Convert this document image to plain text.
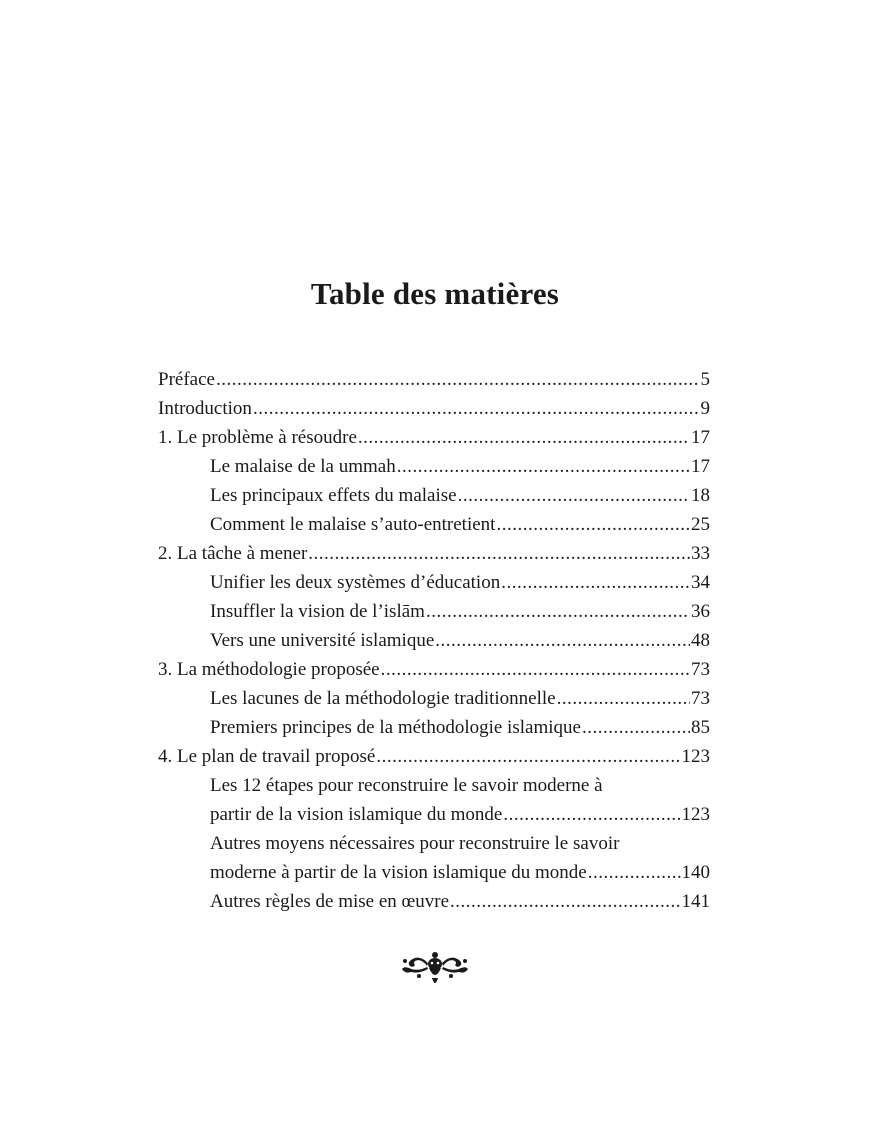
Table des matières
Préface .....	5
Introduction .....	9
1. Le problème à résoudre .....	17
Le malaise de la ummah .....	17
Les principaux effets du malaise .....	18
Comment le malaise s’auto-entretient .....	25
2. La tâche à mener .....	33
Unifier les deux systèmes d’éducation .....	34
Insuffler la vision de l’islām .....	36
Vers une université islamique .....	48
3. La méthodologie proposée .....	73
Les lacunes de la méthodologie traditionnelle .....	73
Premiers principes de la méthodologie islamique .....	85
4. Le plan de travail proposé .....	123
Les 12 étapes pour reconstruire le savoir moderne à
partir de la vision islamique du monde .....	123
Autres moyens nécessaires pour reconstruire le savoir
moderne à partir de la vision islamique du monde .....	140
Autres règles de mise en œuvre .....	141
